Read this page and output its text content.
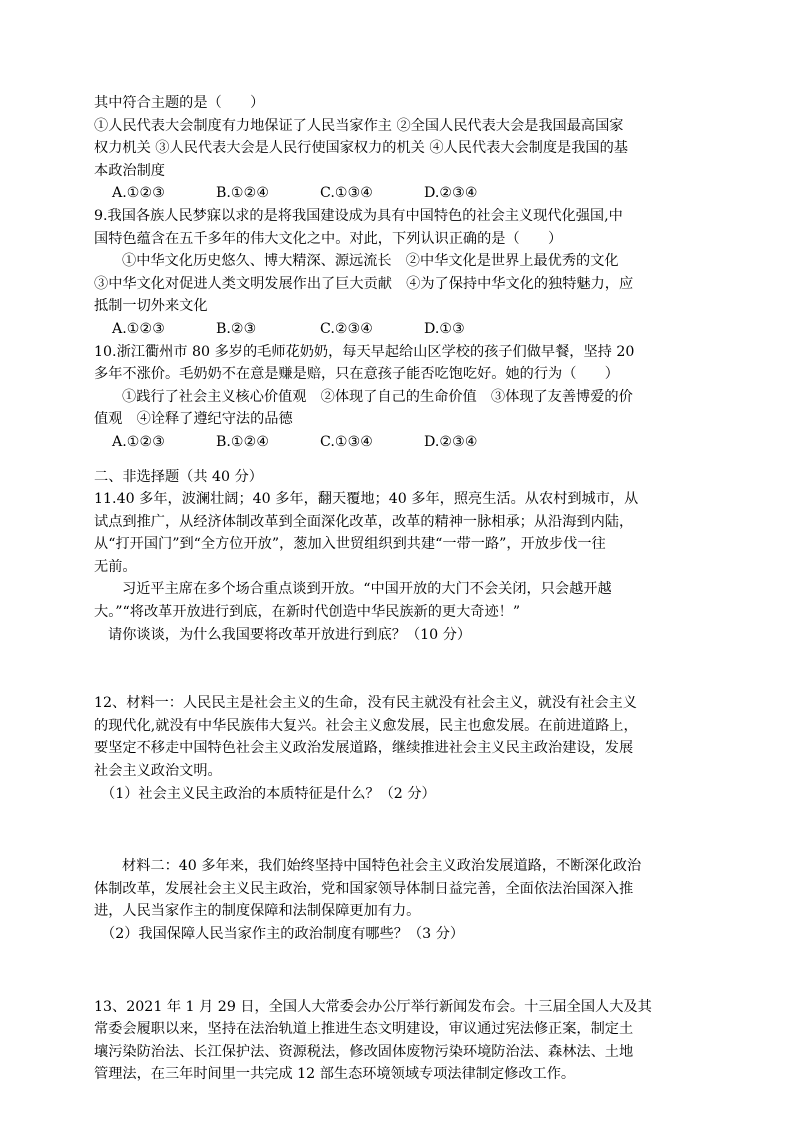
其中符合主题的是（　　）
①人民代表大会制度有力地保证了人民当家作主 ②全国人民代表大会是我国最高国家
权力机关 ③人民代表大会是人民行使国家权力的机关 ④人民代表大会制度是我国的基
本政治制度
A.①②③	B.①②④	C.①③④	D.②③④
9.我国各族人民梦寐以求的是将我国建设成为具有中国特色的社会主义现代化强国,中
国特色蕴含在五千多年的伟大文化之中。对此，下列认识正确的是（　　）
①中华文化历史悠久、博大精深、源远流长　②中华文化是世界上最优秀的文化
③中华文化对促进人类文明发展作出了巨大贡献　④为了保持中华文化的独特魅力，应
抵制一切外来文化
A.①②③	B.②③	C.②③④	D.①③
10.浙江衢州市 80 多岁的毛师花奶奶，每天早起给山区学校的孩子们做早餐，坚持 20
多年不涨价。毛奶奶不在意是赚是赔，只在意孩子能否吃饱吃好。她的行为（　　）
①践行了社会主义核心价值观　②体现了自己的生命价值　③体现了友善博爱的价
值观　④诠释了遵纪守法的品德
A.①②③	B.①②④	C.①③④	D.②③④
二、非选择题（共 40 分）
11.40 多年，波澜壮阔；40 多年，翻天覆地；40 多年，照亮生活。从农村到城市，从
试点到推广，从经济体制改革到全面深化改革，改革的精神一脉相承；从沿海到内陆，
从“打开国门”到“全方位开放”，葱加入世贸组织到共建“一带一路”，开放步伐一往
无前。
习近平主席在多个场合重点谈到开放。“中国开放的大门不会关闭，只会越开越
大。”“将改革开放进行到底，在新时代创造中华民族新的更大奇迹！”
请你谈谈，为什么我国要将改革开放进行到底？（10 分）
12、材料一：人民民主是社会主义的生命，没有民主就没有社会主义，就没有社会主义
的现代化,就没有中华民族伟大复兴。社会主义愈发展，民主也愈发展。在前进道路上，
要坚定不移走中国特色社会主义政治发展道路，继续推进社会主义民主政治建设，发展
社会主义政治文明。
（1）社会主义民主政治的本质特征是什么？（2 分）
材料二：40 多年来，我们始终坚持中国特色社会主义政治发展道路，不断深化政治
体制改革，发展社会主义民主政治，党和国家领导体制日益完善，全面依法治国深入推
进，人民当家作主的制度保障和法制保障更加有力。
（2）我国保障人民当家作主的政治制度有哪些？（3 分）
13、2021 年 1 月 29 日，全国人大常委会办公厅举行新闻发布会。十三届全国人大及其
常委会履职以来，坚持在法治轨道上推进生态文明建设，审议通过宪法修正案，制定土
壤污染防治法、长江保护法、资源税法，修改固体废物污染环境防治法、森林法、土地
管理法，在三年时间里一共完成 12 部生态环境领域专项法律制定修改工作。
